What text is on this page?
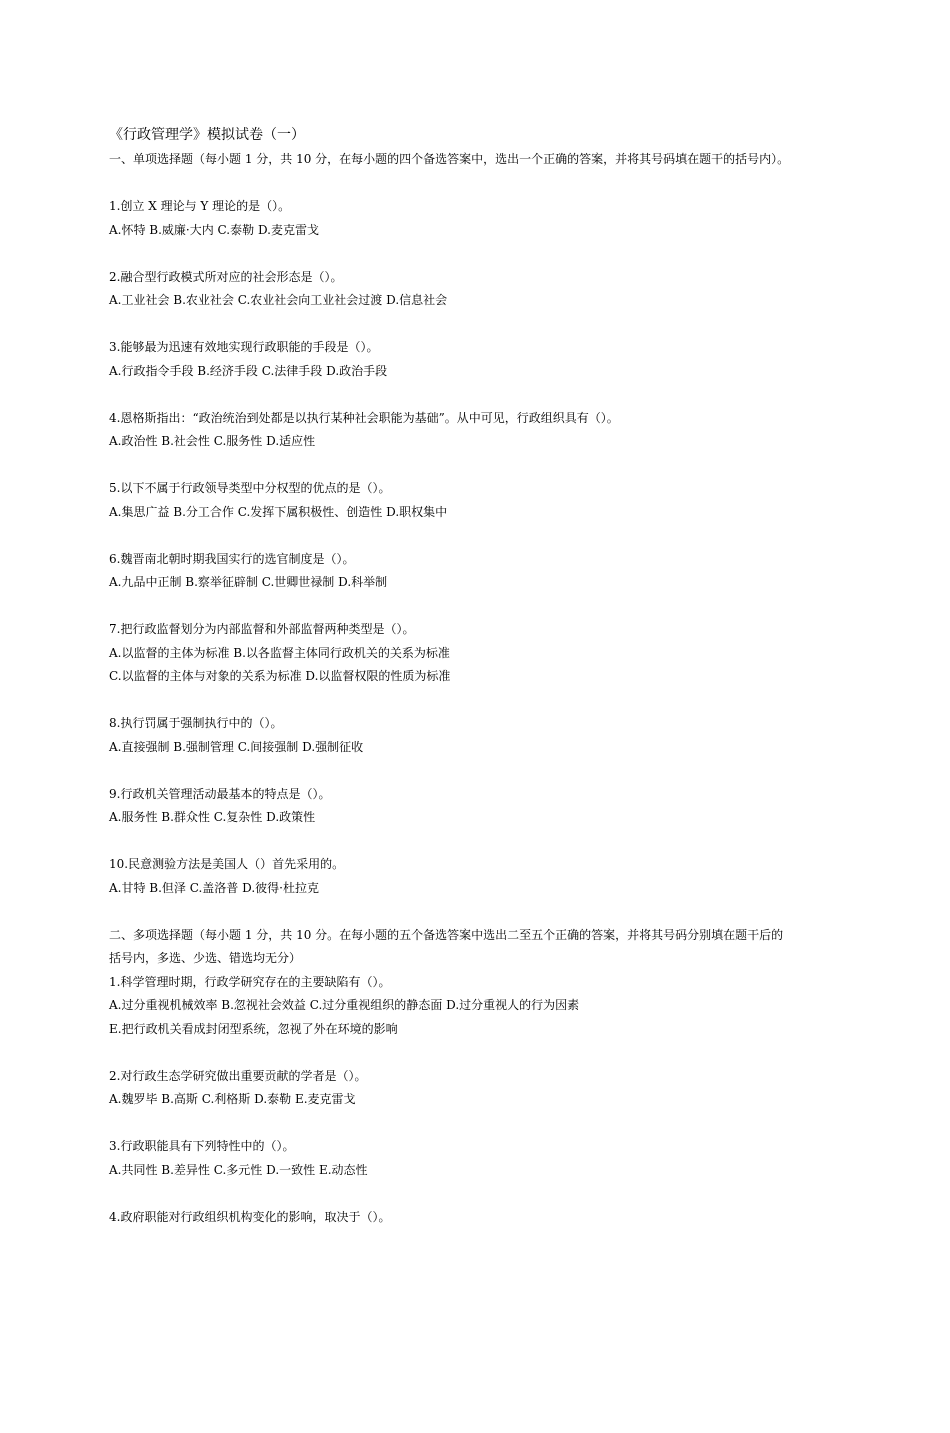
《行政管理学》模拟试卷（一）

一、单项选择题（每小题 1 分，共 10 分，在每小题的四个备选答案中，选出一个正确的答案，并将其号码填在题干的括号内）。

1.创立 X 理论与 Y 理论的是（）。

A.怀特 B.威廉·大内 C.泰勒 D.麦克雷戈

2.融合型行政模式所对应的社会形态是（）。

A.工业社会 B.农业社会 C.农业社会向工业社会过渡 D.信息社会

3.能够最为迅速有效地实现行政职能的手段是（）。

A.行政指令手段 B.经济手段 C.法律手段 D.政治手段

4.恩格斯指出：“政治统治到处都是以执行某种社会职能为基础”。从中可见，行政组织具有（）。

A.政治性 B.社会性 C.服务性 D.适应性

5.以下不属于行政领导类型中分权型的优点的是（）。

A.集思广益 B.分工合作 C.发挥下属积极性、创造性 D.职权集中

6.魏晋南北朝时期我国实行的选官制度是（）。

A.九品中正制 B.察举征辟制 C.世卿世禄制 D.科举制

7.把行政监督划分为内部监督和外部监督两种类型是（）。

A.以监督的主体为标准 B.以各监督主体同行政机关的关系为标准

C.以监督的主体与对象的关系为标准 D.以监督权限的性质为标准

8.执行罚属于强制执行中的（）。

A.直接强制 B.强制管理 C.间接强制 D.强制征收

9.行政机关管理活动最基本的特点是（）。

A.服务性 B.群众性 C.复杂性 D.政策性

10.民意测验方法是美国人（）首先采用的。

A.甘特 B.但泽 C.盖洛普 D.彼得·杜拉克

二、多项选择题（每小题 1 分，共 10 分。在每小题的五个备选答案中选出二至五个正确的答案，并将其号码分别填在题干后的括号内，多选、少选、错选均无分）

1.科学管理时期，行政学研究存在的主要缺陷有（）。

A.过分重视机械效率 B.忽视社会效益 C.过分重视组织的静态面 D.过分重视人的行为因素

E.把行政机关看成封闭型系统，忽视了外在环境的影响

2.对行政生态学研究做出重要贡献的学者是（）。

A.魏罗毕 B.高斯 C.利格斯 D.泰勒 E.麦克雷戈

3.行政职能具有下列特性中的（）。

A.共同性 B.差异性 C.多元性 D.一致性 E.动态性

4.政府职能对行政组织机构变化的影响，取决于（）。
